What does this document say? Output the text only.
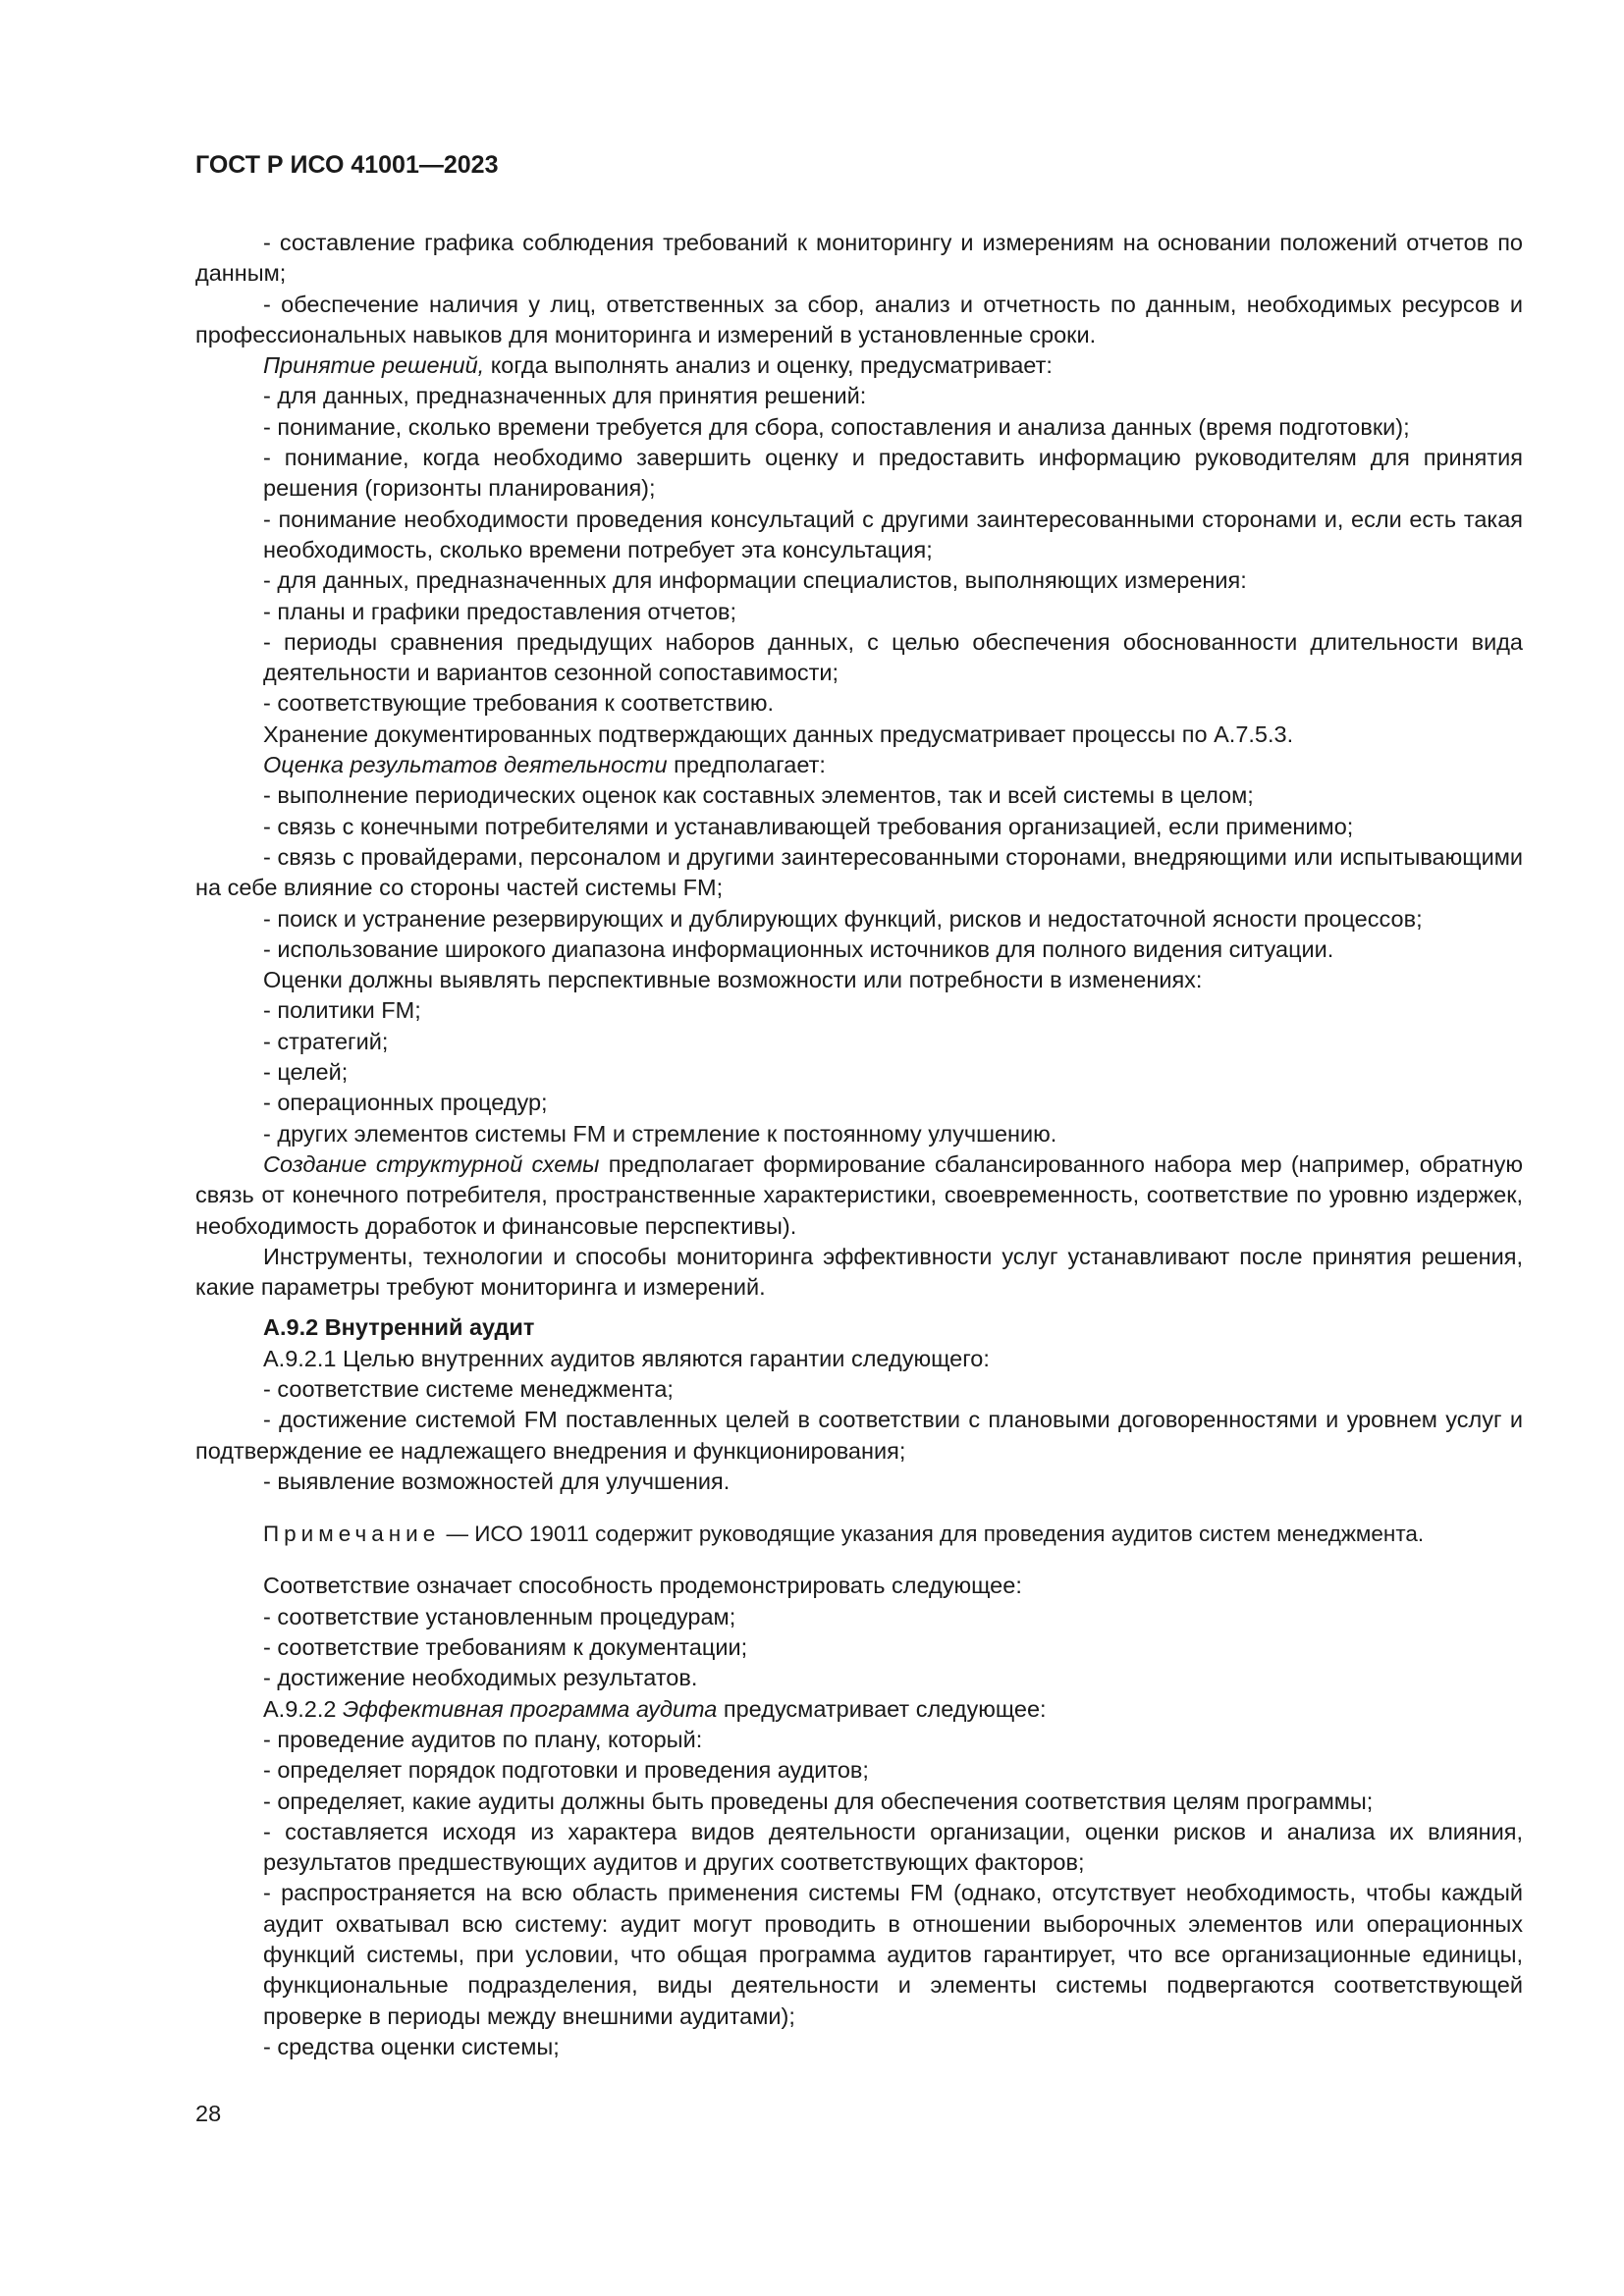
ГОСТ Р ИСО 41001—2023

- составление графика соблюдения требований к мониторингу и измерениям на основании положений отчетов по данным;

- обеспечение наличия у лиц, ответственных за сбор, анализ и отчетность по данным, необходимых ресурсов и профессиональных навыков для мониторинга и измерений в установленные сроки.

Принятие решений, когда выполнять анализ и оценку, предусматривает:

- для данных, предназначенных для принятия решений:

- понимание, сколько времени требуется для сбора, сопоставления и анализа данных (время подготовки);

- понимание, когда необходимо завершить оценку и предоставить информацию руководителям для принятия решения (горизонты планирования);

- понимание необходимости проведения консультаций с другими заинтересованными сторонами и, если есть такая необходимость, сколько времени потребует эта консультация;

- для данных, предназначенных для информации специалистов, выполняющих измерения:

- планы и графики предоставления отчетов;

- периоды сравнения предыдущих наборов данных, с целью обеспечения обоснованности длительности вида деятельности и вариантов сезонной сопоставимости;

- соответствующие требования к соответствию.

Хранение документированных подтверждающих данных предусматривает процессы по А.7.5.3.

Оценка результатов деятельности предполагает:

- выполнение периодических оценок как составных элементов, так и всей системы в целом;

- связь с конечными потребителями и устанавливающей требования организацией, если применимо;

- связь с провайдерами, персоналом и другими заинтересованными сторонами, внедряющими или испытывающими на себе влияние со стороны частей системы FM;

- поиск и устранение резервирующих и дублирующих функций, рисков и недостаточной ясности процессов;

- использование широкого диапазона информационных источников для полного видения ситуации.

Оценки должны выявлять перспективные возможности или потребности в изменениях:

- политики FM;

- стратегий;

- целей;

- операционных процедур;

- других элементов системы FM и стремление к постоянному улучшению.

Создание структурной схемы предполагает формирование сбалансированного набора мер (например, обратную связь от конечного потребителя, пространственные характеристики, своевременность, соответствие по уровню издержек, необходимость доработок и финансовые перспективы).

Инструменты, технологии и способы мониторинга эффективности услуг устанавливают после принятия решения, какие параметры требуют мониторинга и измерений.

А.9.2 Внутренний аудит

А.9.2.1 Целью внутренних аудитов являются гарантии следующего:

- соответствие системе менеджмента;

- достижение системой FM поставленных целей в соответствии с плановыми договоренностями и уровнем услуг и подтверждение ее надлежащего внедрения и функционирования;

- выявление возможностей для улучшения.

Примечание — ИСО 19011 содержит руководящие указания для проведения аудитов систем менеджмента.

Соответствие означает способность продемонстрировать следующее:

- соответствие установленным процедурам;

- соответствие требованиям к документации;

- достижение необходимых результатов.

А.9.2.2 Эффективная программа аудита предусматривает следующее:

- проведение аудитов по плану, который:

- определяет порядок подготовки и проведения аудитов;

- определяет, какие аудиты должны быть проведены для обеспечения соответствия целям программы;

- составляется исходя из характера видов деятельности организации, оценки рисков и анализа их влияния, результатов предшествующих аудитов и других соответствующих факторов;

- распространяется на всю область применения системы FM (однако, отсутствует необходимость, чтобы каждый аудит охватывал всю систему: аудит могут проводить в отношении выборочных элементов или операционных функций системы, при условии, что общая программа аудитов гарантирует, что все организационные единицы, функциональные подразделения, виды деятельности и элементы системы подвергаются соответствующей проверке в периоды между внешними аудитами);

- средства оценки системы;

28
